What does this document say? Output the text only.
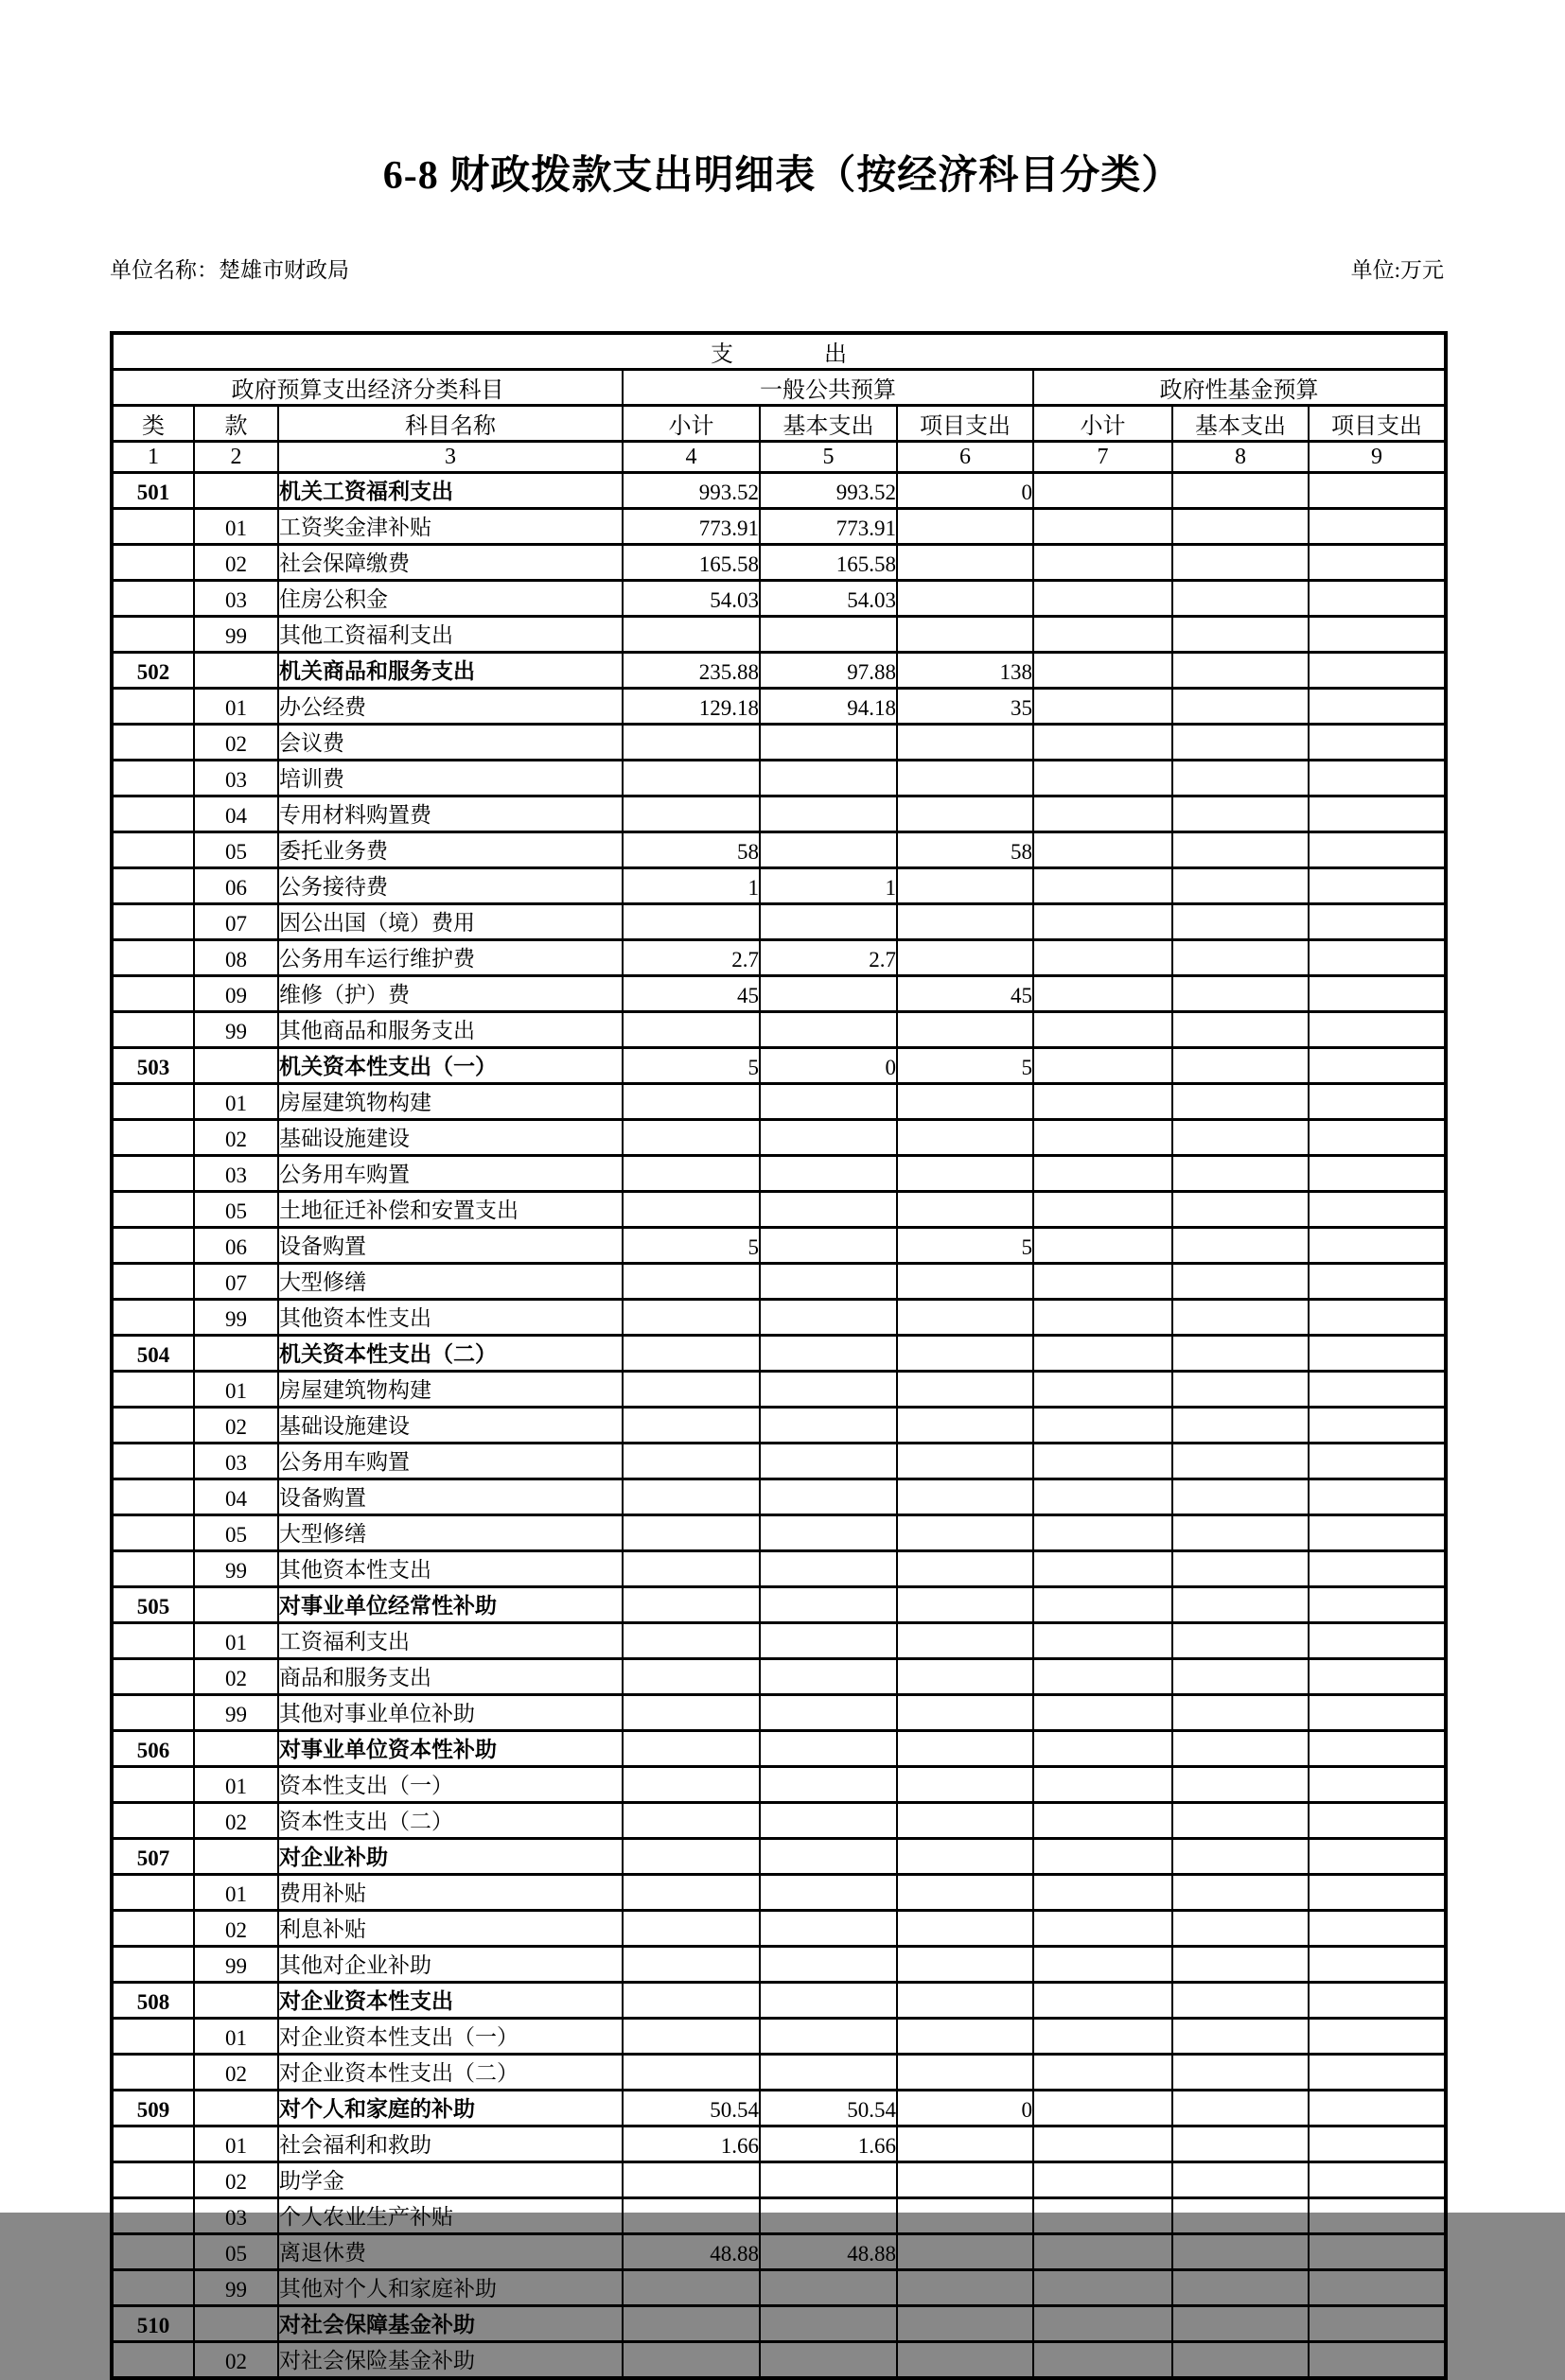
6-8 财政拨款支出明细表（按经济科目分类）
单位名称：楚雄市财政局	单位:万元
支　　　　出								
政府预算支出经济分类科目			一般公共预算			政府性基金预算		
类	款	科目名称	小计	基本支出	项目支出	小计	基本支出	项目支出
1	2	3	4	5	6	7	8	9
501		机关工资福利支出	993.52	993.52	0			
	01	工资奖金津补贴	773.91	773.91				
	02	社会保障缴费	165.58	165.58				
	03	住房公积金	54.03	54.03				
	99	其他工资福利支出						
502		机关商品和服务支出	235.88	97.88	138			
	01	办公经费	129.18	94.18	35			
	02	会议费						
	03	培训费						
	04	专用材料购置费						
	05	委托业务费	58		58			
	06	公务接待费	1	1				
	07	因公出国（境）费用						
	08	公务用车运行维护费	2.7	2.7				
	09	维修（护）费	45		45			
	99	其他商品和服务支出						
503		机关资本性支出（一）	5	0	5			
	01	房屋建筑物构建						
	02	基础设施建设						
	03	公务用车购置						
	05	土地征迁补偿和安置支出						
	06	设备购置	5		5			
	07	大型修缮						
	99	其他资本性支出						
504		机关资本性支出（二）						
	01	房屋建筑物构建						
	02	基础设施建设						
	03	公务用车购置						
	04	设备购置						
	05	大型修缮						
	99	其他资本性支出						
505		对事业单位经常性补助						
	01	工资福利支出						
	02	商品和服务支出						
	99	其他对事业单位补助						
506		对事业单位资本性补助						
	01	资本性支出（一）						
	02	资本性支出（二）						
507		对企业补助						
	01	费用补贴						
	02	利息补贴						
	99	其他对企业补助						
508		对企业资本性支出						
	01	对企业资本性支出（一）						
	02	对企业资本性支出（二）						
509		对个人和家庭的补助	50.54	50.54	0			
	01	社会福利和救助	1.66	1.66				
	02	助学金						
	03	个人农业生产补贴						
	05	离退休费	48.88	48.88				
	99	其他对个人和家庭补助						
510		对社会保障基金补助						
	02	对社会保险基金补助						
